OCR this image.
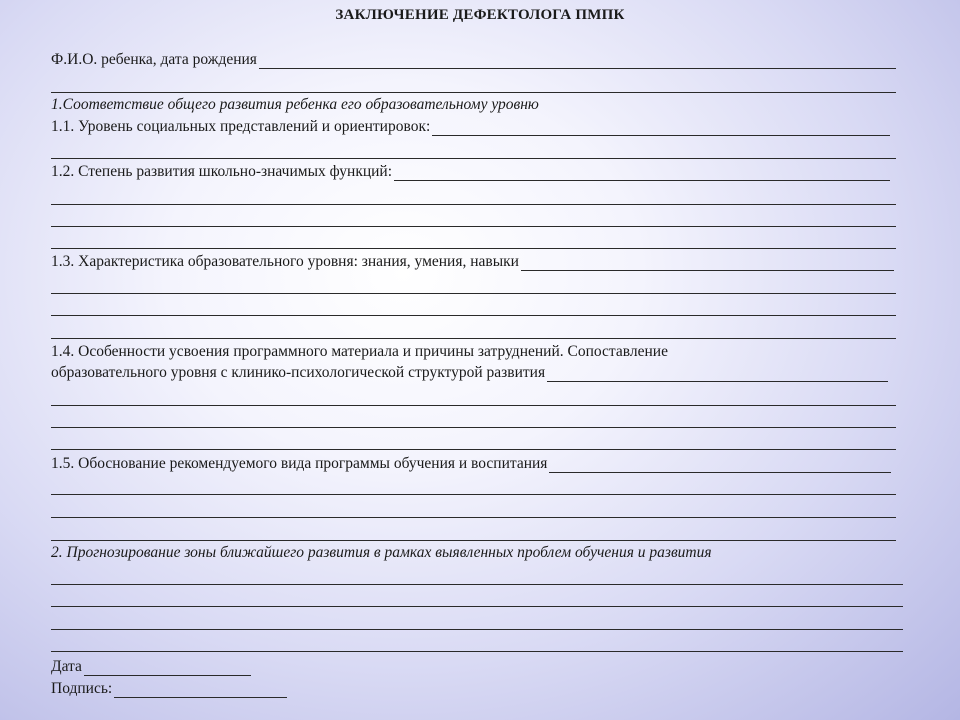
ЗАКЛЮЧЕНИЕ ДЕФЕКТОЛОГА ПМПК
Ф.И.О. ребенка, дата рождения
1.Соответствие общего развития ребенка его образовательному уровню
1.1. Уровень социальных представлений и ориентировок:
1.2. Степень развития школьно-значимых функций:
1.3. Характеристика образовательного уровня: знания, умения, навыки
1.4. Особенности усвоения программного материала и причины затруднений. Сопоставление
образовательного уровня с клинико-психологической структурой развития
1.5. Обоснование рекомендуемого вида программы обучения и воспитания
2. Прогнозирование зоны ближайшего развития в рамках выявленных проблем обучения и развития
Дата
Подпись:
